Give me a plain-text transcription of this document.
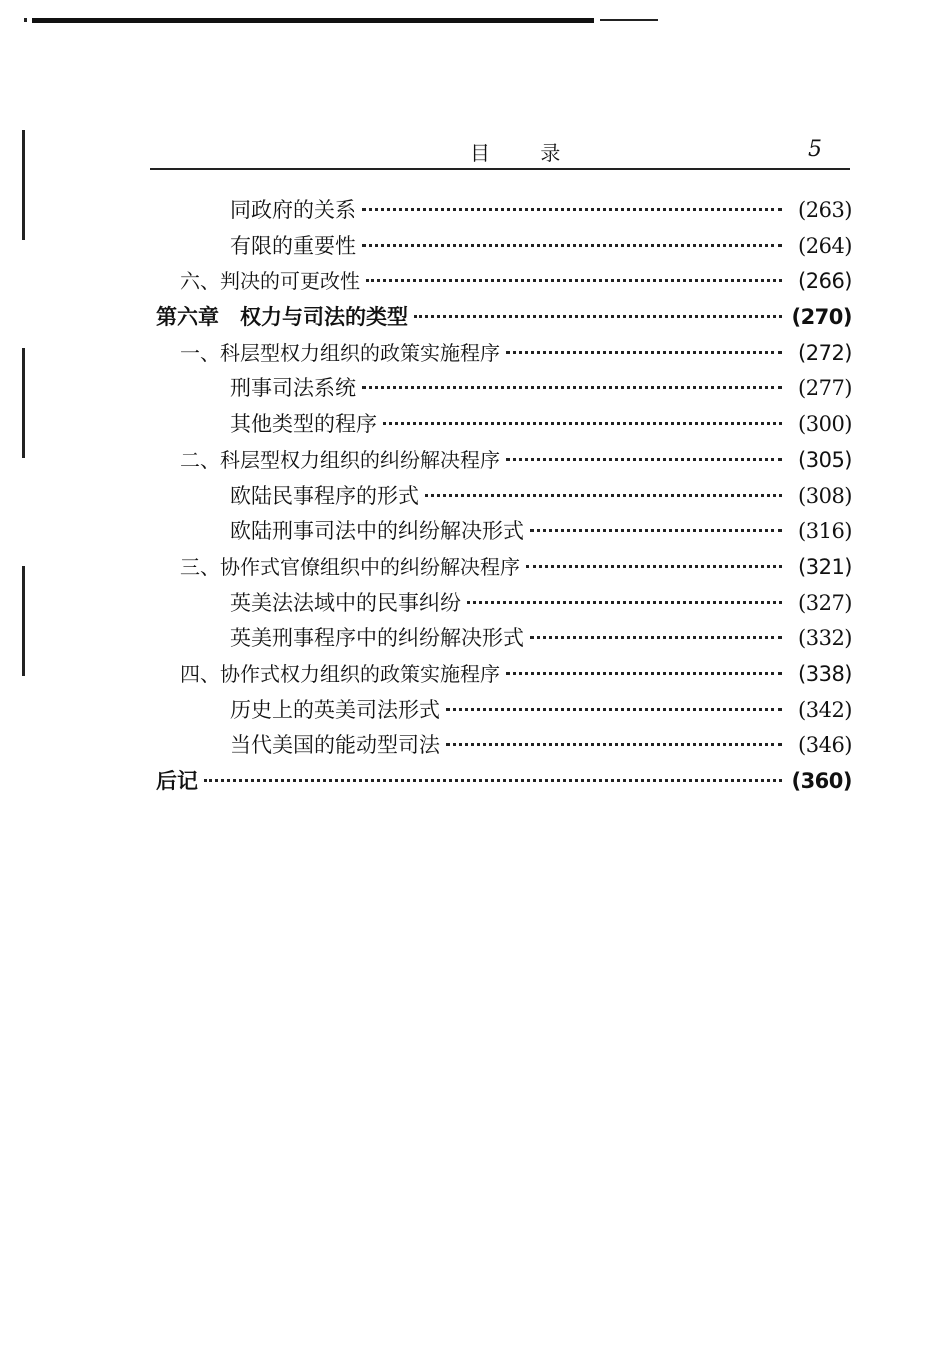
目 录	5
同政府的关系	(263)
有限的重要性	(264)
六、判决的可更改性	(266)
第六章　权力与司法的类型	(270)
一、科层型权力组织的政策实施程序	(272)
刑事司法系统	(277)
其他类型的程序	(300)
二、科层型权力组织的纠纷解决程序	(305)
欧陆民事程序的形式	(308)
欧陆刑事司法中的纠纷解决形式	(316)
三、协作式官僚组织中的纠纷解决程序	(321)
英美法法域中的民事纠纷	(327)
英美刑事程序中的纠纷解决形式	(332)
四、协作式权力组织的政策实施程序	(338)
历史上的英美司法形式	(342)
当代美国的能动型司法	(346)
后记	(360)
